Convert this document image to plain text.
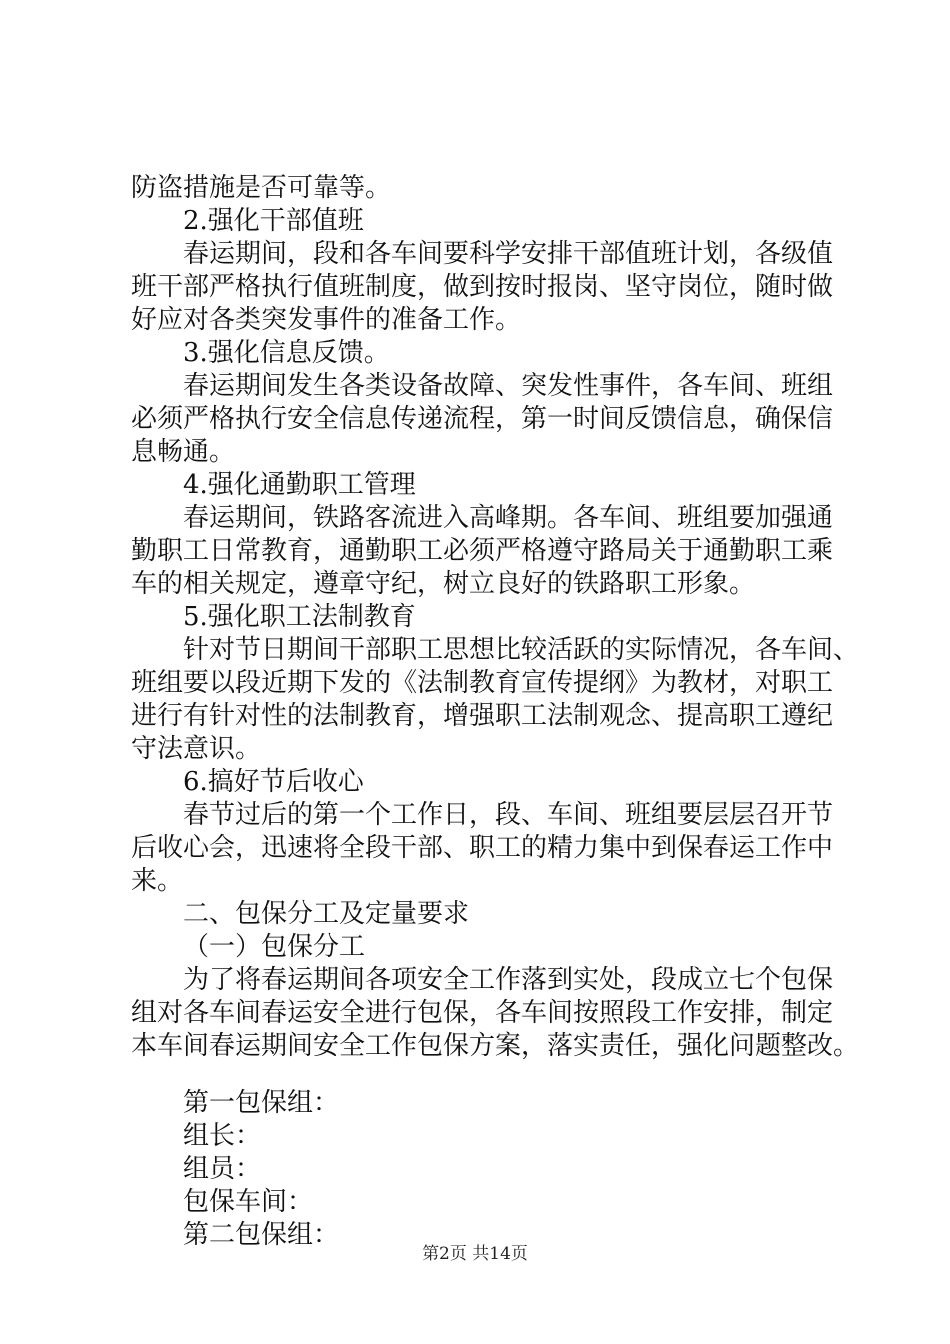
防盗措施是否可靠等。
2.强化干部值班
春运期间，段和各车间要科学安排干部值班计划，各级值
班干部严格执行值班制度，做到按时报岗、坚守岗位，随时做
好应对各类突发事件的准备工作。
3.强化信息反馈。
春运期间发生各类设备故障、突发性事件，各车间、班组
必须严格执行安全信息传递流程，第一时间反馈信息，确保信
息畅通。
4.强化通勤职工管理
春运期间，铁路客流进入高峰期。各车间、班组要加强通
勤职工日常教育，通勤职工必须严格遵守路局关于通勤职工乘
车的相关规定，遵章守纪，树立良好的铁路职工形象。
5.强化职工法制教育
针对节日期间干部职工思想比较活跃的实际情况，各车间、
班组要以段近期下发的《法制教育宣传提纲》为教材，对职工
进行有针对性的法制教育，增强职工法制观念、提高职工遵纪
守法意识。
6.搞好节后收心
春节过后的第一个工作日，段、车间、班组要层层召开节
后收心会，迅速将全段干部、职工的精力集中到保春运工作中
来。
二、包保分工及定量要求
（一）包保分工
为了将春运期间各项安全工作落到实处，段成立七个包保
组对各车间春运安全进行包保，各车间按照段工作安排，制定
本车间春运期间安全工作包保方案，落实责任，强化问题整改。
第一包保组：
组长：
组员：
包保车间：
第二包保组：
第2页 共14页
